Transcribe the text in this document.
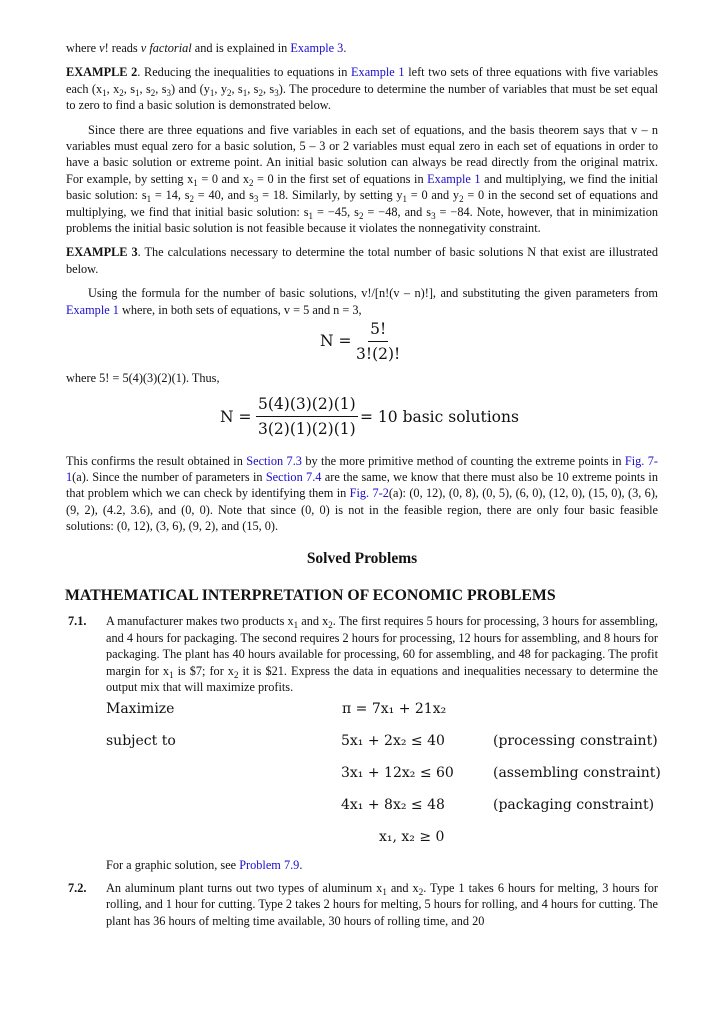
where v! reads v factorial and is explained in Example 3.

EXAMPLE 2. Reducing the inequalities to equations in Example 1 left two sets of three equations with five variables each ($x_1$, $x_2$, $s_1$, $s_2$, $s_3$) and ($y_1$, $y_2$, $s_1$, $s_2$, $s_3$). The procedure to determine the number of variables that must be set equal to zero to find a basic solution is demonstrated below.

Since there are three equations and five variables in each set of equations, and the basis theorem says that v – n variables must equal zero for a basic solution, 5 – 3 or 2 variables must equal zero in each set of equations in order to have a basic solution or extreme point. An initial basic solution can always be read directly from the original matrix. For example, by setting $x_1 = 0$ and $x_2 = 0$ in the first set of equations in Example 1 and multiplying, we find the initial basic solution: $s_1 = 14$, $s_2 = 40$, and $s_3 = 18$. Similarly, by setting $y_1 = 0$ and $y_2 = 0$ in the second set of equations and multiplying, we find that initial basic solution: $s_1 = -45$, $s_2 = -48$, and $s_3 = -84$. Note, however, that in minimization problems the initial basic solution is not feasible because it violates the nonnegativity constraint.

EXAMPLE 3. The calculations necessary to determine the total number of basic solutions N that exist are illustrated below.

Using the formula for the number of basic solutions, v!/[n!(v – n)!], and substituting the given parameters from Example 1 where, in both sets of equations, v = 5 and n = 3,

$N = \frac{5!}{3!(2)!}$

where 5! = 5(4)(3)(2)(1). Thus,

$N = \frac{5(4)(3)(2)(1)}{3(2)(1)(2)(1)} = 10$ basic solutions

This confirms the result obtained in Section 7.3 by the more primitive method of counting the extreme points in Fig. 7-1(a). Since the number of parameters in Section 7.4 are the same, we know that there must also be 10 extreme points in that problem which we can check by identifying them in Fig. 7-2(a): (0, 12), (0, 8), (0, 5), (6, 0), (12, 0), (15, 0), (3, 6), (9, 2), (4.2, 3.6), and (0, 0). Note that since (0, 0) is not in the feasible region, there are only four basic feasible solutions: (0, 12), (3, 6), (9, 2), and (15, 0).

Solved Problems
MATHEMATICAL INTERPRETATION OF ECONOMIC PROBLEMS
7.1. A manufacturer makes two products $x_1$ and $x_2$. The first requires 5 hours for processing, 3 hours for assembling, and 4 hours for packaging. The second requires 2 hours for processing, 12 hours for assembling, and 8 hours for packaging. The plant has 40 hours available for processing, 60 for assembling, and 48 for packaging. The profit margin for $x_1$ is $7; for $x_2$ it is $21. Express the data in equations and inequalities necessary to determine the output mix that will maximize profits.

Maximize
subject to
π = 7x₁ + 21x₂
5x₁ + 2x₂ ≤ 40
3x₁ + 12x₂ ≤ 60
4x₁ + 8x₂ ≤ 48
x₁, x₂ ≥ 0
(processing constraint)
(assembling constraint)
(packaging constraint)

For a graphic solution, see Problem 7.9.

7.2. An aluminum plant turns out two types of aluminum $x_1$ and $x_2$. Type 1 takes 6 hours for melting, 3 hours for rolling, and 1 hour for cutting. Type 2 takes 2 hours for melting, 5 hours for rolling, and 4 hours for cutting. The plant has 36 hours of melting time available, 30 hours of rolling time, and 20
